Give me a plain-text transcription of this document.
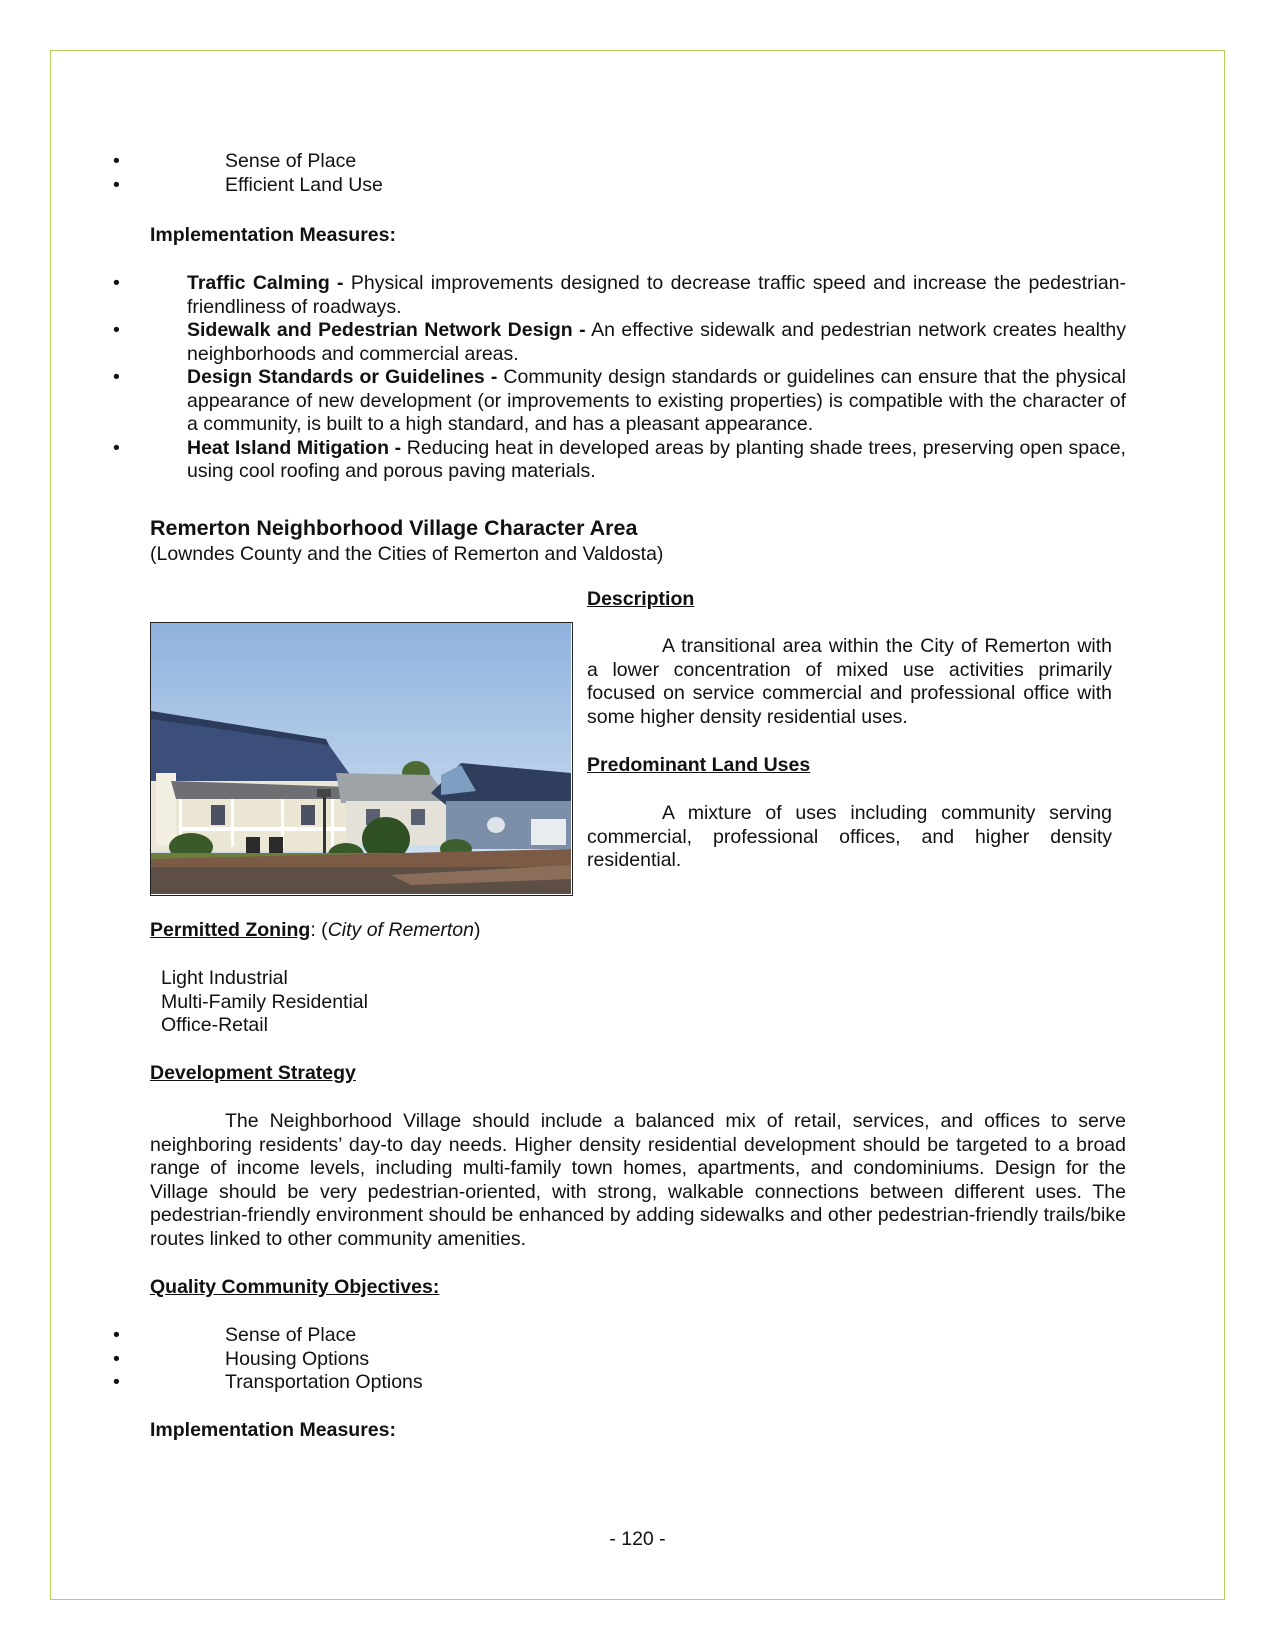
•	Sense of Place
•	Efficient Land Use
Implementation Measures:
•	Traffic Calming - Physical improvements designed to decrease traffic speed and increase the pedestrian-friendliness of roadways.
•	Sidewalk and Pedestrian Network Design - An effective sidewalk and pedestrian network creates healthy neighborhoods and commercial areas.
•	Design Standards or Guidelines - Community design standards or guidelines can ensure that the physical appearance of new development (or improvements to existing properties) is compatible with the character of a community, is built to a high standard, and has a pleasant appearance.
•	Heat Island Mitigation - Reducing heat in developed areas by planting shade trees, preserving open space, using cool roofing and porous paving materials.
Remerton Neighborhood Village Character Area
(Lowndes County and the Cities of Remerton and Valdosta)
Description
A transitional area within the City of Remerton with a lower concentration of mixed use activities primarily focused on service commercial and professional office with some higher density residential uses.
Predominant Land Uses
A mixture of uses including community serving commercial, professional offices, and higher density residential.
Permitted Zoning: (City of Remerton)
Light Industrial
Multi-Family Residential
Office-Retail
Development Strategy
The Neighborhood Village should include a balanced mix of retail, services, and offices to serve neighboring residents’ day-to day needs. Higher density residential development should be targeted to a broad range of income levels, including multi-family town homes, apartments, and condominiums. Design for the Village should be very pedestrian-oriented, with strong, walkable connections between different uses. The pedestrian-friendly environment should be enhanced by adding sidewalks and other pedestrian-friendly trails/bike routes linked to other community amenities.
Quality Community Objectives:
•	Sense of Place
•	Housing Options
•	Transportation Options
Implementation Measures:
- 120 -
